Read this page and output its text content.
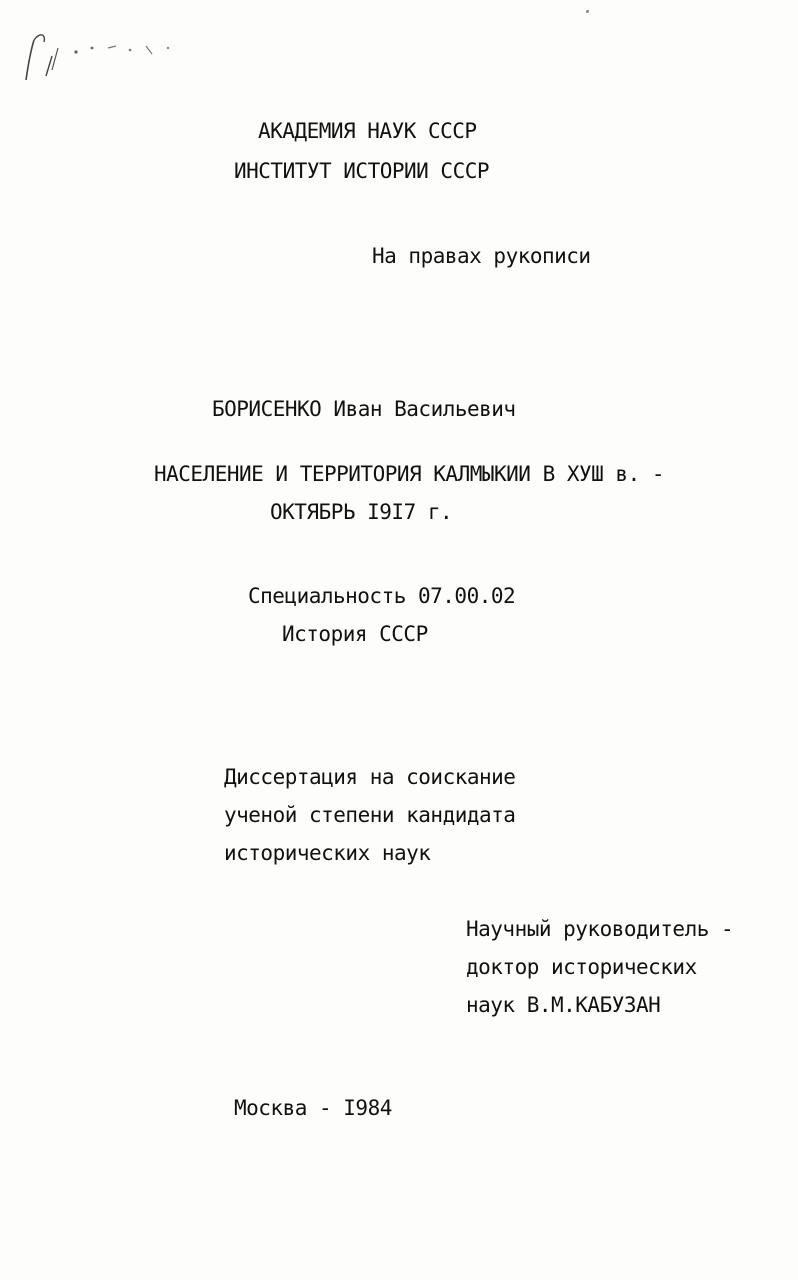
АКАДЕМИЯ НАУК СССР
ИНСТИТУТ ИСТОРИИ СССР
На правах рукописи
БОРИСЕНКО Иван Васильевич
НАСЕЛЕНИЕ И ТЕРРИТОРИЯ КАЛМЫКИИ В ХУШ в. -
ОКТЯБРЬ I9I7 г.
Специальность 07.00.02
История СССР
Диссертация на соискание
ученой степени кандидата
исторических наук
Научный руководитель -
доктор исторических
наук В.М.КАБУЗАН
Москва - I984
